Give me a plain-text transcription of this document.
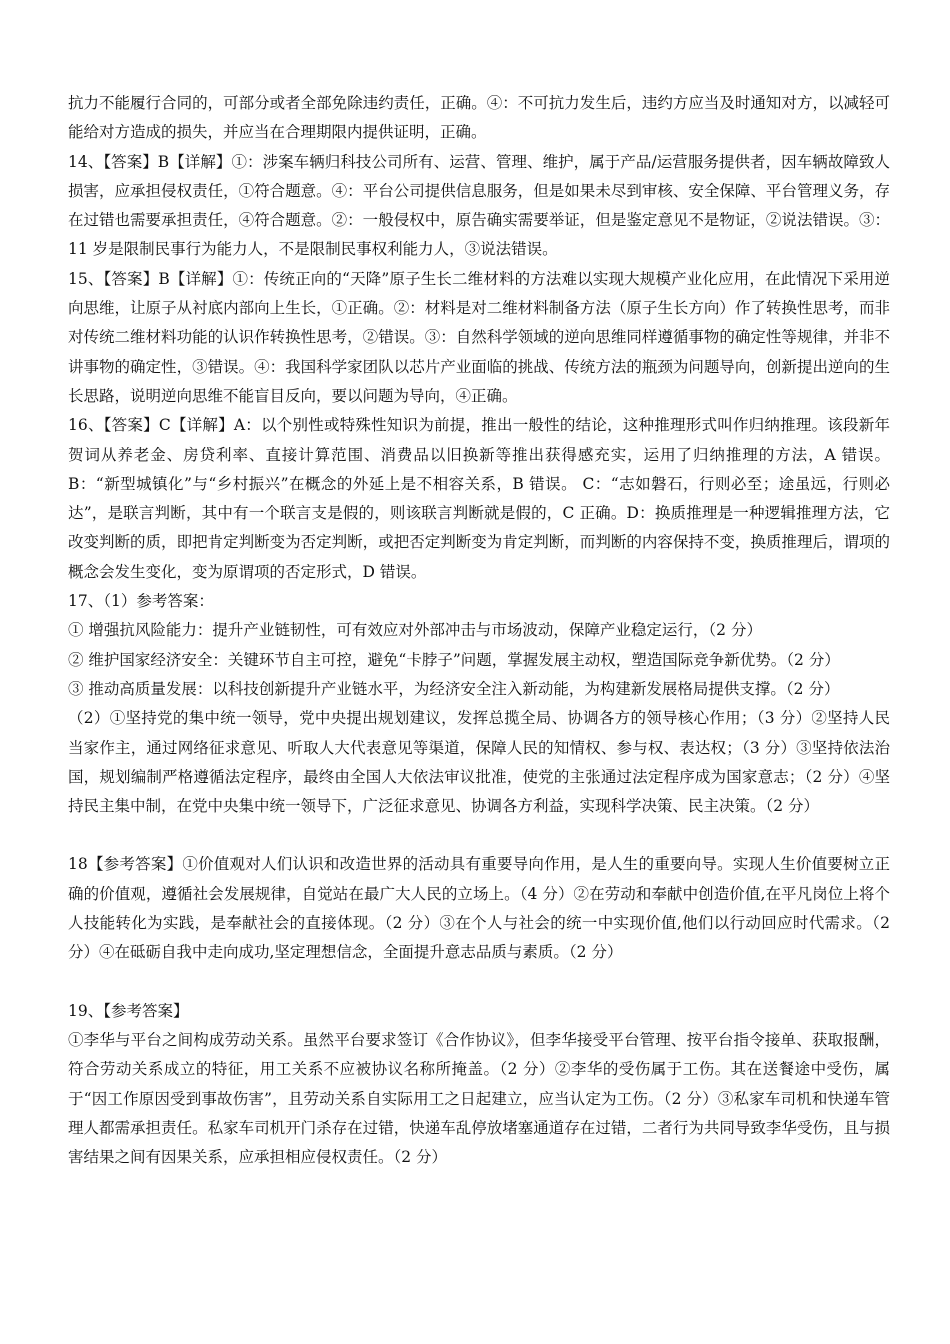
抗力不能履行合同的，可部分或者全部免除违约责任，正确。④：不可抗力发生后，违约方应当及时通知对方，以减轻可能给对方造成的损失，并应当在合理期限内提供证明，正确。

14、【答案】B【详解】①：涉案车辆归科技公司所有、运营、管理、维护，属于产品/运营服务提供者，因车辆故障致人损害，应承担侵权责任，①符合题意。④：平台公司提供信息服务，但是如果未尽到审核、安全保障、平台管理义务，存在过错也需要承担责任，④符合题意。②：一般侵权中，原告确实需要举证，但是鉴定意见不是物证，②说法错误。③：11 岁是限制民事行为能力人，不是限制民事权利能力人，③说法错误。

15、【答案】B【详解】①：传统正向的“天降”原子生长二维材料的方法难以实现大规模产业化应用，在此情况下采用逆向思维，让原子从衬底内部向上生长，①正确。②：材料是对二维材料制备方法（原子生长方向）作了转换性思考，而非对传统二维材料功能的认识作转换性思考，②错误。③：自然科学领域的逆向思维同样遵循事物的确定性等规律，并非不讲事物的确定性，③错误。④：我国科学家团队以芯片产业面临的挑战、传统方法的瓶颈为问题导向，创新提出逆向的生长思路，说明逆向思维不能盲目反向，要以问题为导向，④正确。

16、【答案】C【详解】A：以个别性或特殊性知识为前提，推出一般性的结论，这种推理形式叫作归纳推理。该段新年贺词从养老金、房贷利率、直接计算范围、消费品以旧换新等推出获得感充实，运用了归纳推理的方法，A 错误。 B：“新型城镇化”与“乡村振兴”在概念的外延上是不相容关系，B 错误。 C：“志如磐石，行则必至；途虽远，行则必达”，是联言判断，其中有一个联言支是假的，则该联言判断就是假的，C 正确。D：换质推理是一种逻辑推理方法，它改变判断的质，即把肯定判断变为否定判断，或把否定判断变为肯定判断，而判断的内容保持不变，换质推理后，谓项的概念会发生变化，变为原谓项的否定形式，D 错误。

17、（1）参考答案：

① 增强抗风险能力：提升产业链韧性，可有效应对外部冲击与市场波动，保障产业稳定运行，（2 分）

② 维护国家经济安全：关键环节自主可控，避免“卡脖子”问题，掌握发展主动权，塑造国际竞争新优势。（2 分）

③ 推动高质量发展：以科技创新提升产业链水平，为经济安全注入新动能，为构建新发展格局提供支撑。（2 分）

（2）①坚持党的集中统一领导，党中央提出规划建议，发挥总揽全局、协调各方的领导核心作用；（3 分）②坚持人民当家作主，通过网络征求意见、听取人大代表意见等渠道，保障人民的知情权、参与权、表达权；（3 分）③坚持依法治国，规划编制严格遵循法定程序，最终由全国人大依法审议批准，使党的主张通过法定程序成为国家意志；（2 分）④坚持民主集中制，在党中央集中统一领导下，广泛征求意见、协调各方利益，实现科学决策、民主决策。（2 分）

18【参考答案】①价值观对人们认识和改造世界的活动具有重要导向作用，是人生的重要向导。实现人生价值要树立正确的价值观，遵循社会发展规律，自觉站在最广大人民的立场上。（4 分）②在劳动和奉献中创造价值,在平凡岗位上将个人技能转化为实践，是奉献社会的直接体现。（2 分）③在个人与社会的统一中实现价值,他们以行动回应时代需求。（2 分）④在砥砺自我中走向成功,坚定理想信念，全面提升意志品质与素质。（2 分）

19、【参考答案】

①李华与平台之间构成劳动关系。虽然平台要求签订《合作协议》，但李华接受平台管理、按平台指令接单、获取报酬，符合劳动关系成立的特征，用工关系不应被协议名称所掩盖。（2 分）②李华的受伤属于工伤。其在送餐途中受伤，属于“因工作原因受到事故伤害”，且劳动关系自实际用工之日起建立，应当认定为工伤。（2 分）③私家车司机和快递车管理人都需承担责任。私家车司机开门杀存在过错，快递车乱停放堵塞通道存在过错，二者行为共同导致李华受伤，且与损害结果之间有因果关系，应承担相应侵权责任。（2 分）
